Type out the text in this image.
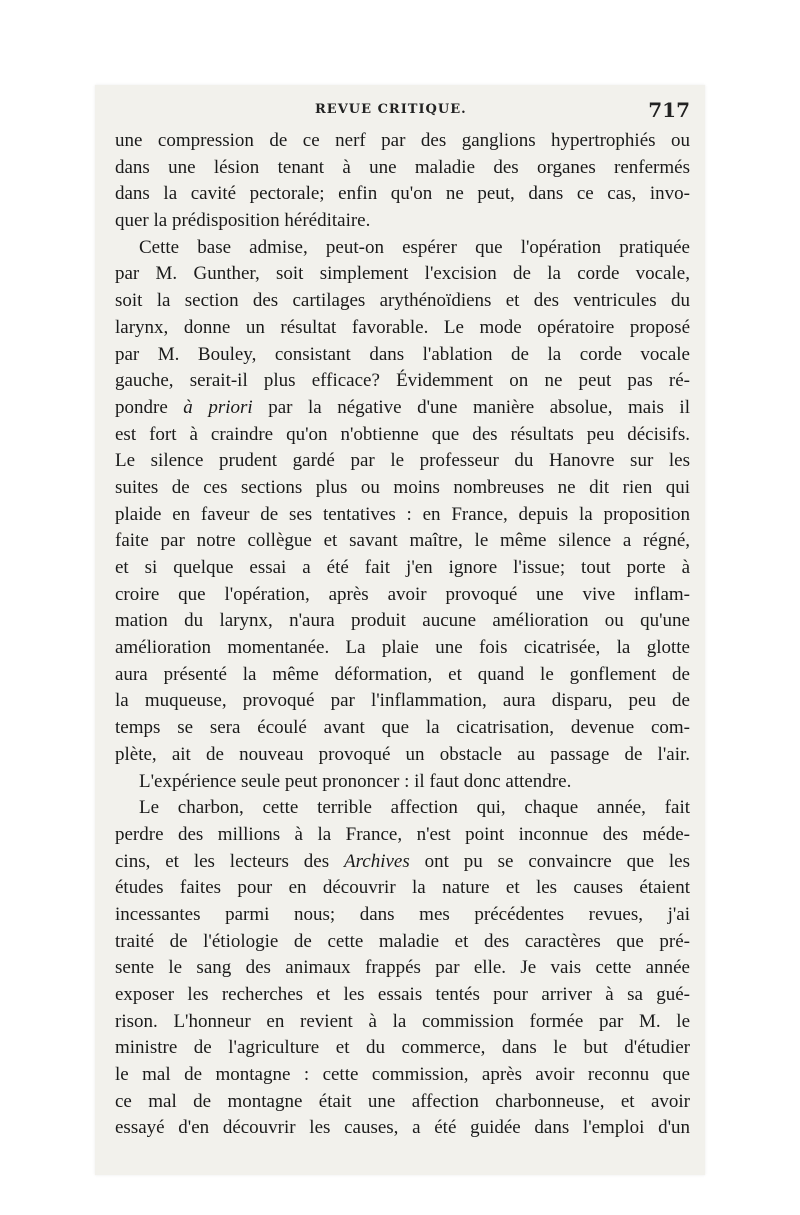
REVUE CRITIQUE.	717
une compression de ce nerf par des ganglions hypertrophiés ou
dans une lésion tenant à une maladie des organes renfermés
dans la cavité pectorale; enfin qu'on ne peut, dans ce cas, invo-
quer la prédisposition héréditaire.
Cette base admise, peut-on espérer que l'opération pratiquée
par M. Gunther, soit simplement l'excision de la corde vocale,
soit la section des cartilages arythénoïdiens et des ventricules du
larynx, donne un résultat favorable. Le mode opératoire proposé
par M. Bouley, consistant dans l'ablation de la corde vocale
gauche, serait-il plus efficace? Évidemment on ne peut pas ré-
pondre à priori par la négative d'une manière absolue, mais il
est fort à craindre qu'on n'obtienne que des résultats peu décisifs.
Le silence prudent gardé par le professeur du Hanovre sur les
suites de ces sections plus ou moins nombreuses ne dit rien qui
plaide en faveur de ses tentatives : en France, depuis la proposition
faite par notre collègue et savant maître, le même silence a régné,
et si quelque essai a été fait j'en ignore l'issue; tout porte à
croire que l'opération, après avoir provoqué une vive inflam-
mation du larynx, n'aura produit aucune amélioration ou qu'une
amélioration momentanée. La plaie une fois cicatrisée, la glotte
aura présenté la même déformation, et quand le gonflement de
la muqueuse, provoqué par l'inflammation, aura disparu, peu de
temps se sera écoulé avant que la cicatrisation, devenue com-
plète, ait de nouveau provoqué un obstacle au passage de l'air.
L'expérience seule peut prononcer : il faut donc attendre.
Le charbon, cette terrible affection qui, chaque année, fait
perdre des millions à la France, n'est point inconnue des méde-
cins, et les lecteurs des Archives ont pu se convaincre que les
études faites pour en découvrir la nature et les causes étaient
incessantes parmi nous; dans mes précédentes revues, j'ai
traité de l'étiologie de cette maladie et des caractères que pré-
sente le sang des animaux frappés par elle. Je vais cette année
exposer les recherches et les essais tentés pour arriver à sa gué-
rison. L'honneur en revient à la commission formée par M. le
ministre de l'agriculture et du commerce, dans le but d'étudier
le mal de montagne : cette commission, après avoir reconnu que
ce mal de montagne était une affection charbonneuse, et avoir
essayé d'en découvrir les causes, a été guidée dans l'emploi d'un
